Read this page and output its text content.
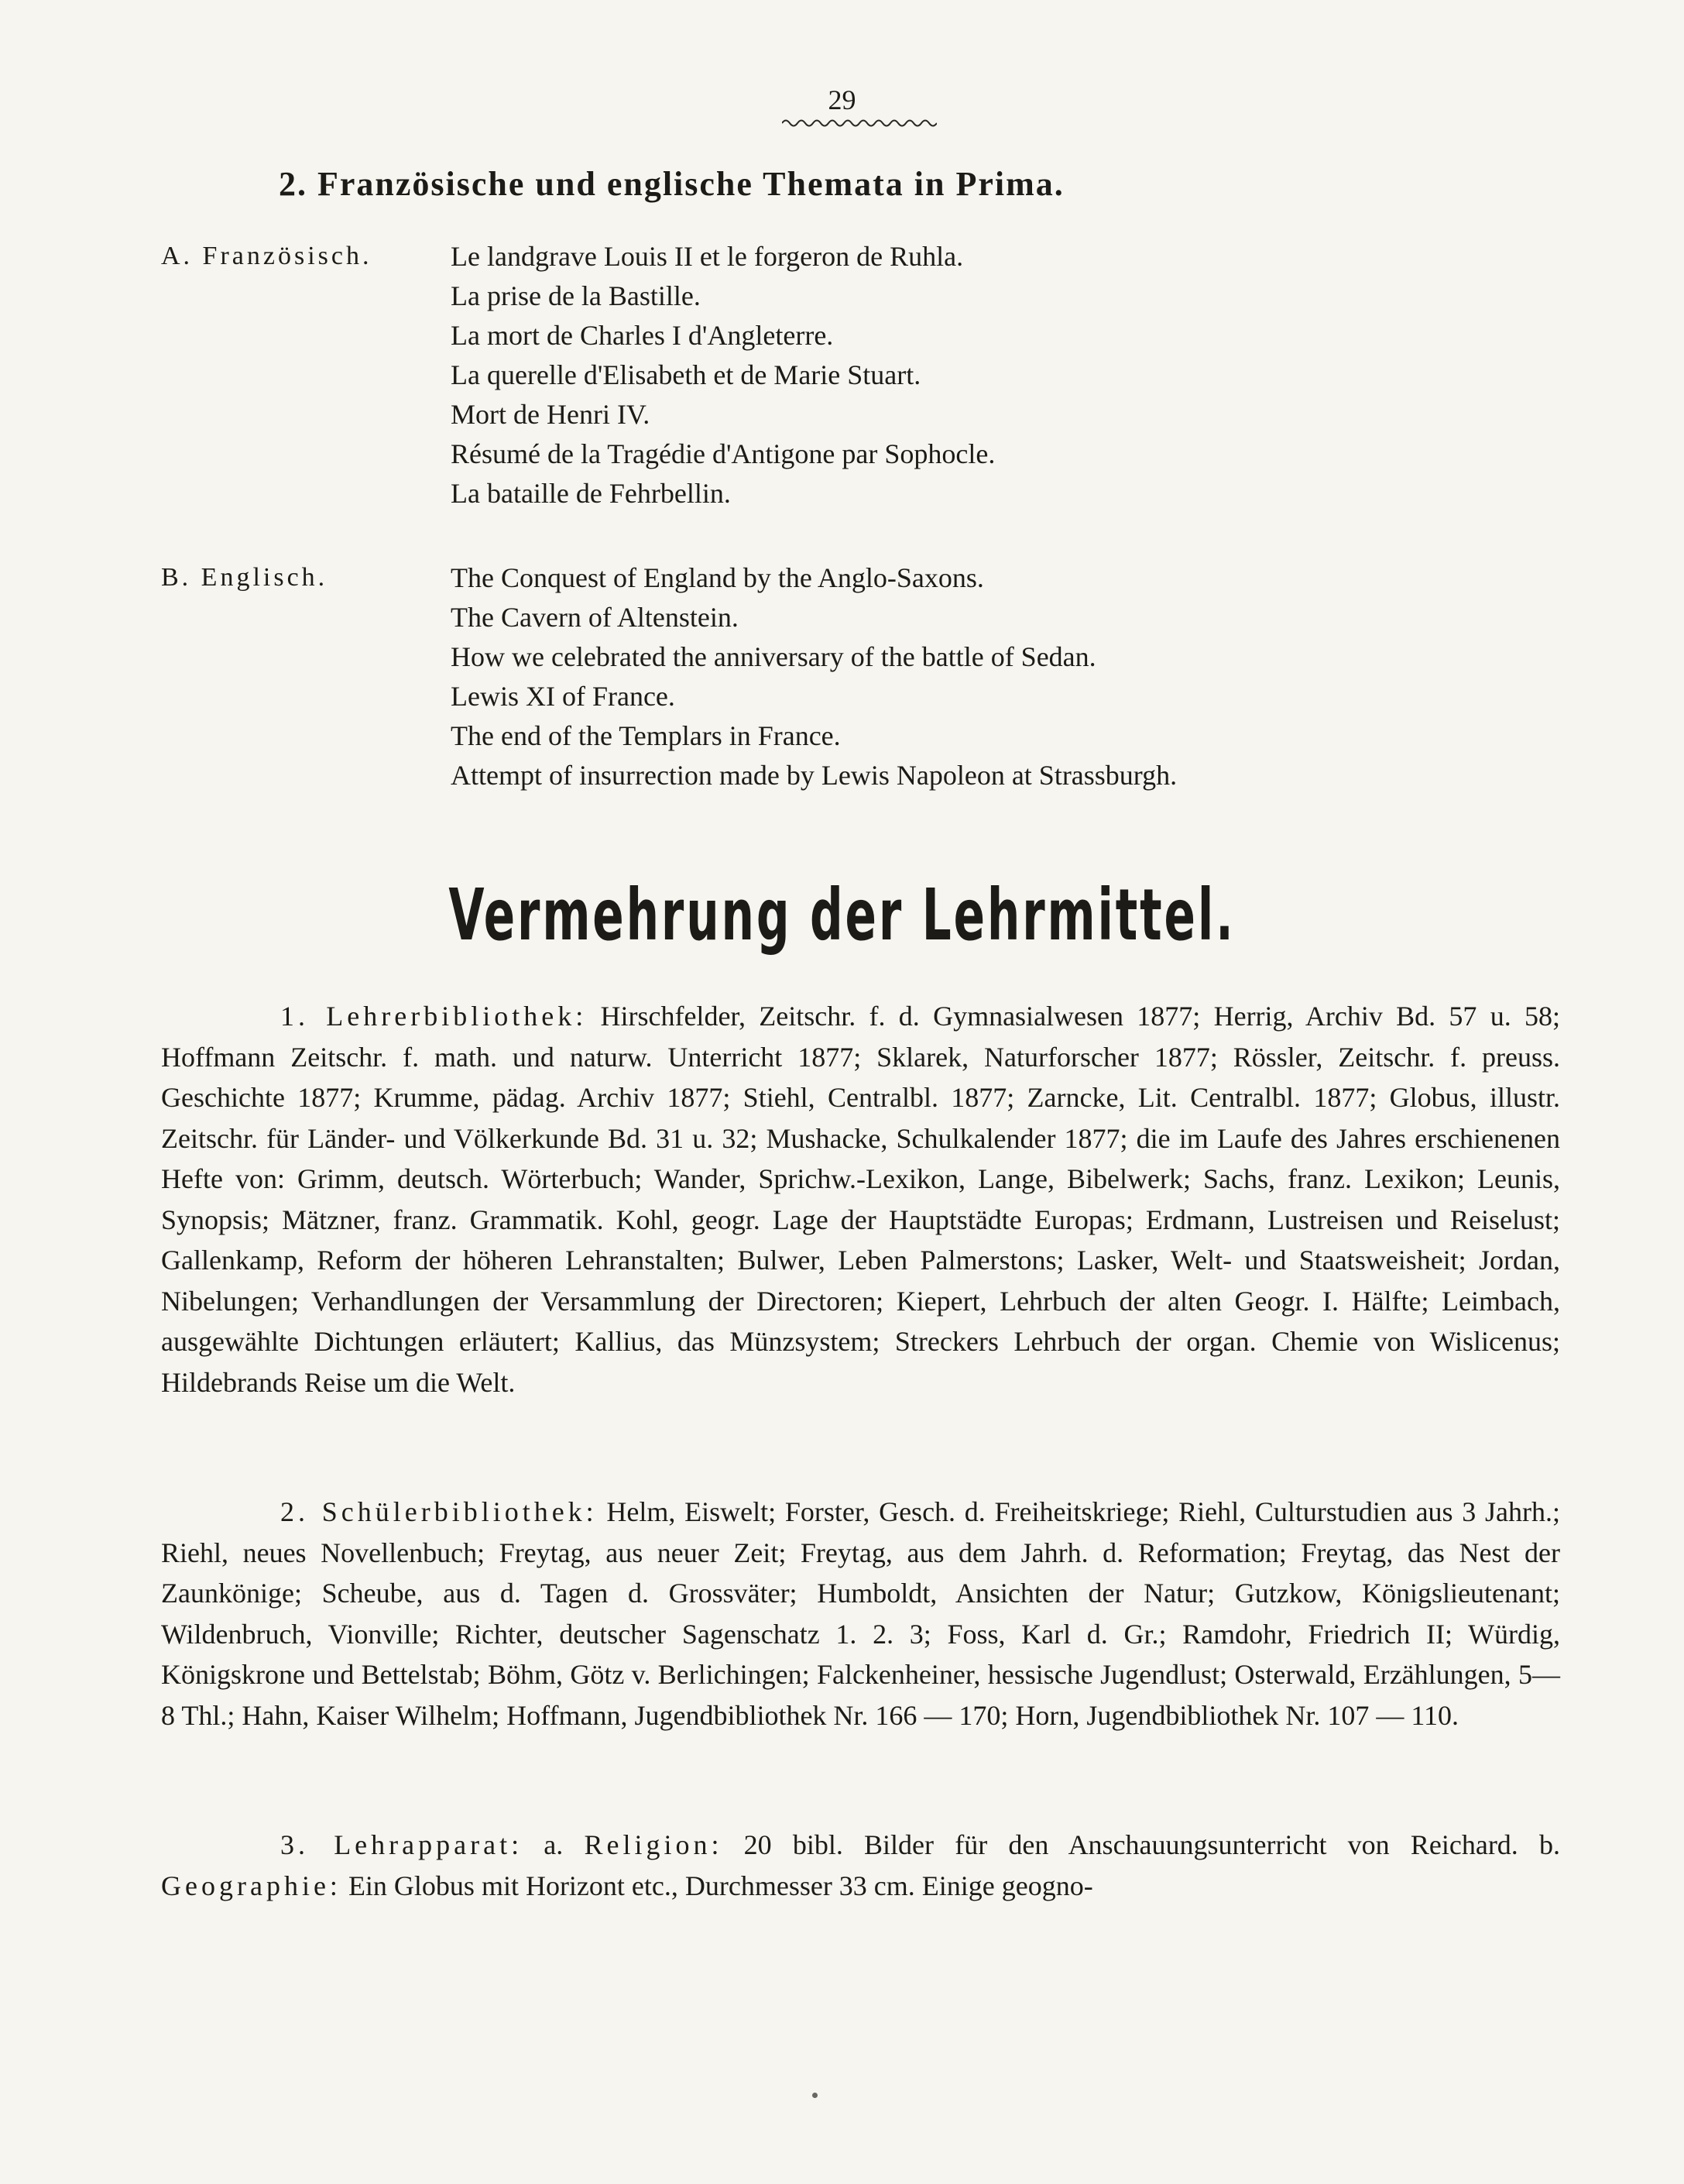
29
2. Französische und englische Themata in Prima.
A. Französisch.	Le landgrave Louis II et le forgeron de Ruhla.
La prise de la Bastille.
La mort de Charles I d'Angleterre.
La querelle d'Elisabeth et de Marie Stuart.
Mort de Henri IV.
Résumé de la Tragédie d'Antigone par Sophocle.
La bataille de Fehrbellin.
B. Englisch.	The Conquest of England by the Anglo-Saxons.
The Cavern of Altenstein.
How we celebrated the anniversary of the battle of Sedan.
Lewis XI of France.
The end of the Templars in France.
Attempt of insurrection made by Lewis Napoleon at Strassburgh.
Vermehrung der Lehrmittel.

1. Lehrerbibliothek: Hirschfelder, Zeitschr. f. d. Gymnasialwesen 1877; Herrig, Archiv Bd. 57 u. 58; Hoffmann Zeitschr. f. math. und naturw. Unterricht 1877; Sklarek, Naturforscher 1877; Rössler, Zeitschr. f. preuss. Geschichte 1877; Krumme, pädag. Archiv 1877; Stiehl, Centralbl. 1877; Zarncke, Lit. Centralbl. 1877; Globus, illustr. Zeitschr. für Länder- und Völkerkunde Bd. 31 u. 32; Mushacke, Schulkalender 1877; die im Laufe des Jahres erschienenen Hefte von: Grimm, deutsch. Wörterbuch; Wander, Sprichw.-Lexikon, Lange, Bibelwerk; Sachs, franz. Lexikon; Leunis, Synopsis; Mätzner, franz. Grammatik. Kohl, geogr. Lage der Hauptstädte Europas; Erdmann, Lustreisen und Reiselust; Gallenkamp, Reform der höheren Lehranstalten; Bulwer, Leben Palmerstons; Lasker, Welt- und Staatsweisheit; Jordan, Nibelungen; Verhandlungen der Versammlung der Directoren; Kiepert, Lehrbuch der alten Geogr. I. Hälfte; Leimbach, ausgewählte Dichtungen erläutert; Kallius, das Münzsystem; Streckers Lehrbuch der organ. Chemie von Wislicenus; Hildebrands Reise um die Welt.

2. Schülerbibliothek: Helm, Eiswelt; Forster, Gesch. d. Freiheitskriege; Riehl, Culturstudien aus 3 Jahrh.; Riehl, neues Novellenbuch; Freytag, aus neuer Zeit; Freytag, aus dem Jahrh. d. Reformation; Freytag, das Nest der Zaunkönige; Scheube, aus d. Tagen d. Grossväter; Humboldt, Ansichten der Natur; Gutzkow, Königslieutenant; Wildenbruch, Vionville; Richter, deutscher Sagenschatz 1. 2. 3; Foss, Karl d. Gr.; Ramdohr, Friedrich II; Würdig, Königskrone und Bettelstab; Böhm, Götz v. Berlichingen; Falckenheiner, hessische Jugendlust; Osterwald, Erzählungen, 5—8 Thl.; Hahn, Kaiser Wilhelm; Hoffmann, Jugendbibliothek Nr. 166 — 170; Horn, Jugendbibliothek Nr. 107 — 110.

3. Lehrapparat: a. Religion: 20 bibl. Bilder für den Anschauungsunterricht von Reichard. b. Geographie: Ein Globus mit Horizont etc., Durchmesser 33 cm. Einige geogno-
